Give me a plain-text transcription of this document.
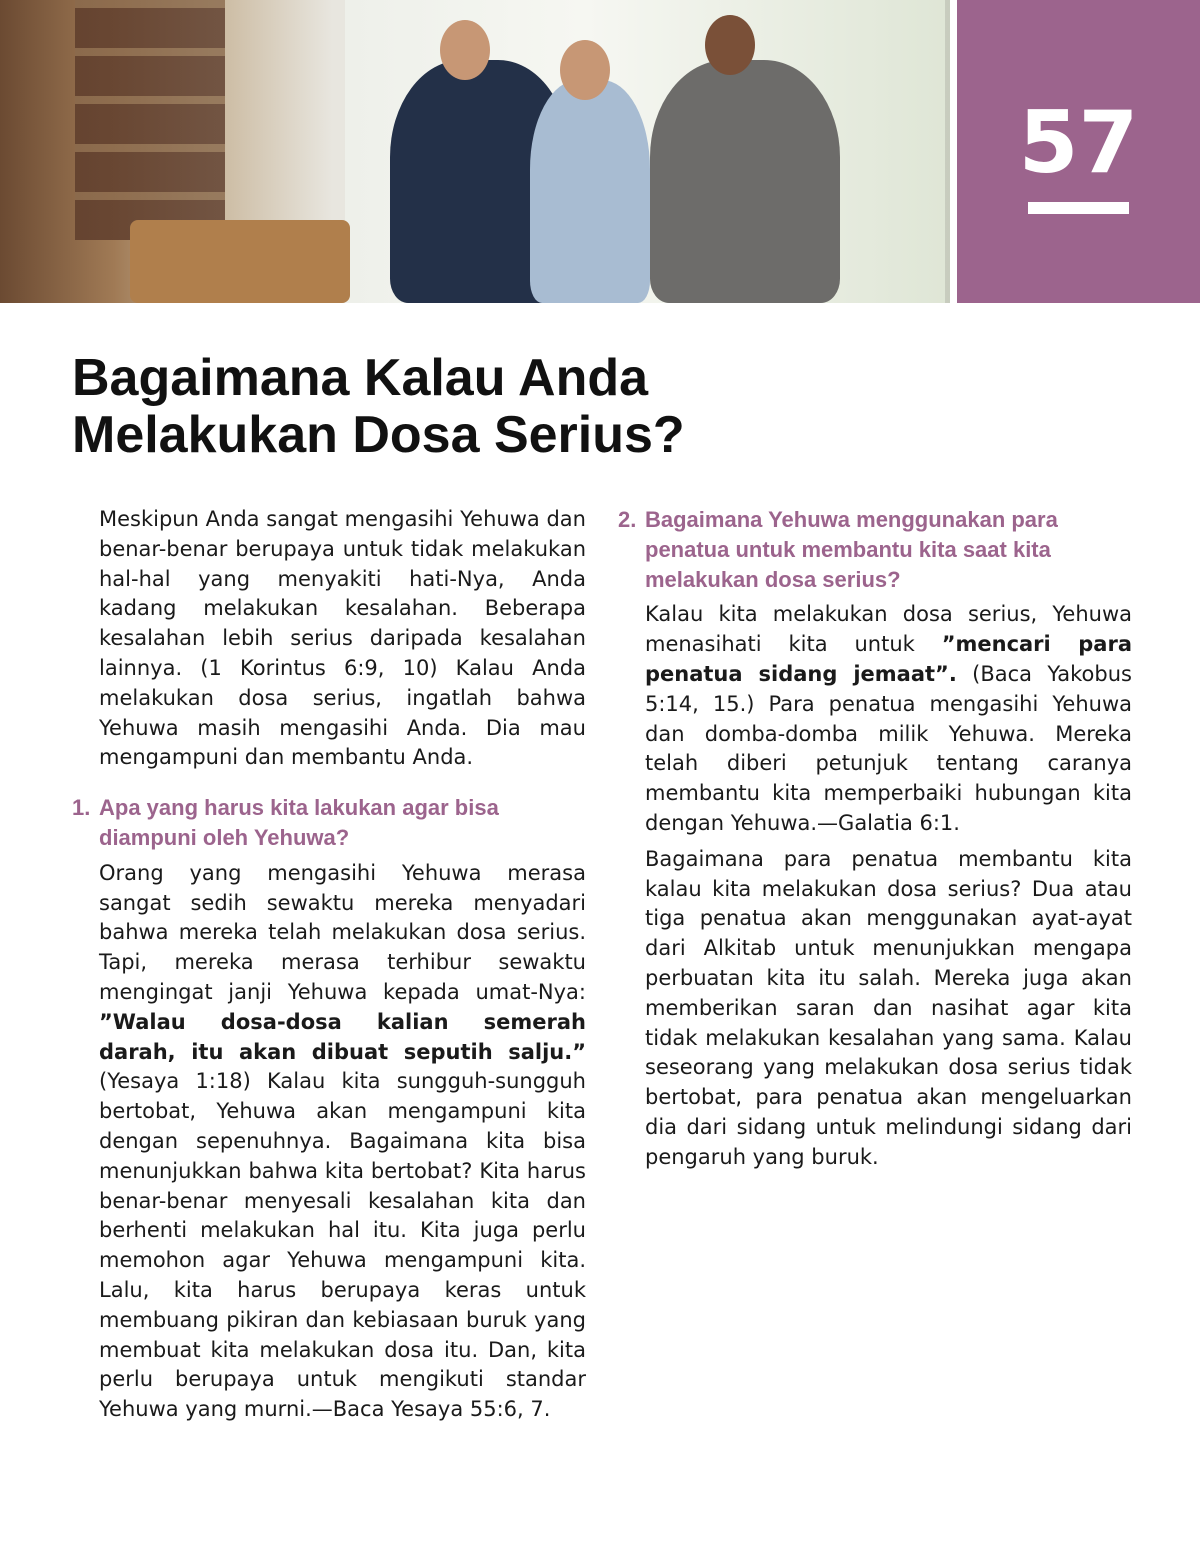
57
Bagaimana Kalau Anda
Melakukan Dosa Serius?

Meskipun Anda sangat mengasihi Yehuwa dan benar-benar berupaya untuk tidak melakukan hal-hal yang menyakiti hati-Nya, Anda kadang melakukan kesalahan. Beberapa kesalahan lebih serius daripada kesalahan lainnya. (1 Korintus 6:9, 10) Kalau Anda melakukan dosa serius, ingatlah bahwa Yehuwa masih mengasihi Anda. Dia mau mengampuni dan membantu Anda.

1. Apa yang harus kita lakukan agar bisa diampuni oleh Yehuwa?

Orang yang mengasihi Yehuwa merasa sangat sedih sewaktu mereka menyadari bahwa mereka telah melakukan dosa serius. Tapi, mereka merasa terhibur sewaktu mengingat janji Yehuwa kepada umat-Nya: ”Walau dosa-dosa kalian semerah darah, itu akan dibuat seputih salju.” (Yesaya 1:18) Kalau kita sungguh-sungguh bertobat, Yehuwa akan mengampuni kita dengan sepenuhnya. Bagaimana kita bisa menunjukkan bahwa kita bertobat? Kita harus benar-benar menyesali kesalahan kita dan berhenti melakukan hal itu. Kita juga perlu memohon agar Yehuwa mengampuni kita. Lalu, kita harus berupaya keras untuk membuang pikiran dan kebiasaan buruk yang membuat kita melakukan dosa itu. Dan, kita perlu berupaya untuk mengikuti standar Yehuwa yang murni.—Baca Yesaya 55:6, 7.

2. Bagaimana Yehuwa menggunakan para penatua untuk membantu kita saat kita melakukan dosa serius?

Kalau kita melakukan dosa serius, Yehuwa menasihati kita untuk ”mencari para penatua sidang jemaat”. (Baca Yakobus 5:14, 15.) Para penatua mengasihi Yehuwa dan domba-domba milik Yehuwa. Mereka telah diberi petunjuk tentang caranya membantu kita memperbaiki hubungan kita dengan Yehuwa.—Galatia 6:1.

Bagaimana para penatua membantu kita kalau kita melakukan dosa serius? Dua atau tiga penatua akan menggunakan ayat-ayat dari Alkitab untuk menunjukkan mengapa perbuatan kita itu salah. Mereka juga akan memberikan saran dan nasihat agar kita tidak melakukan kesalahan yang sama. Kalau seseorang yang melakukan dosa serius tidak bertobat, para penatua akan mengeluarkan dia dari sidang untuk melindungi sidang dari pengaruh yang buruk.
